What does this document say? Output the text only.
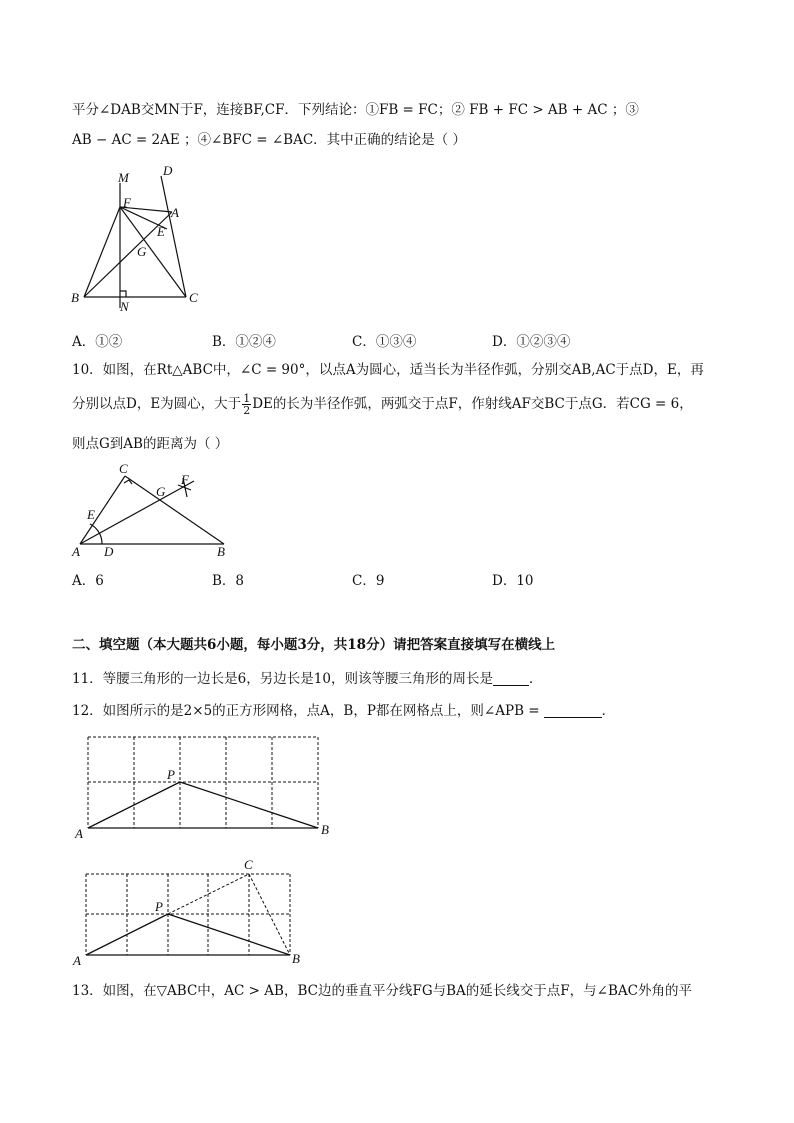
平分∠DAB交MN于F，连接BF,CF．下列结论：①FB = FC；② FB + FC > AB + AC ；③
AB − AC = 2AE ；④∠BFC = ∠BAC．其中正确的结论是（ ）
M	D
F
A
E
G
B
N
C
A．①②	B．①②④	C．①③④	D．①②③④
10．如图，在Rt△ABC中，∠C = 90°，以点A为圆心，适当长为半径作弧，分别交AB,AC于点D，E，再
分别以点D，E为圆心，大于 $\frac{1}{2}$ DE的长为半径作弧，两弧交于点F，作射线AF交BC于点G．若CG = 6，
则点G到AB的距离为（ ）
C
G
F
E
A D	B
A．6	B．8	C．9	D．10
二、填空题（本大题共6小题，每小题3分，共18分）请把答案直接填写在横线上
11．等腰三角形的一边长是6，另边长是10，则该等腰三角形的周长是	．
12．如图所示的是2×5的正方形网格，点A，B，P都在网格点上，则∠APB =	．
P
A	B
C
P
A	B
13．如图，在▽ABC中，AC > AB，BC边的垂直平分线FG与BA的延长线交于点F，与∠BAC外角的平
